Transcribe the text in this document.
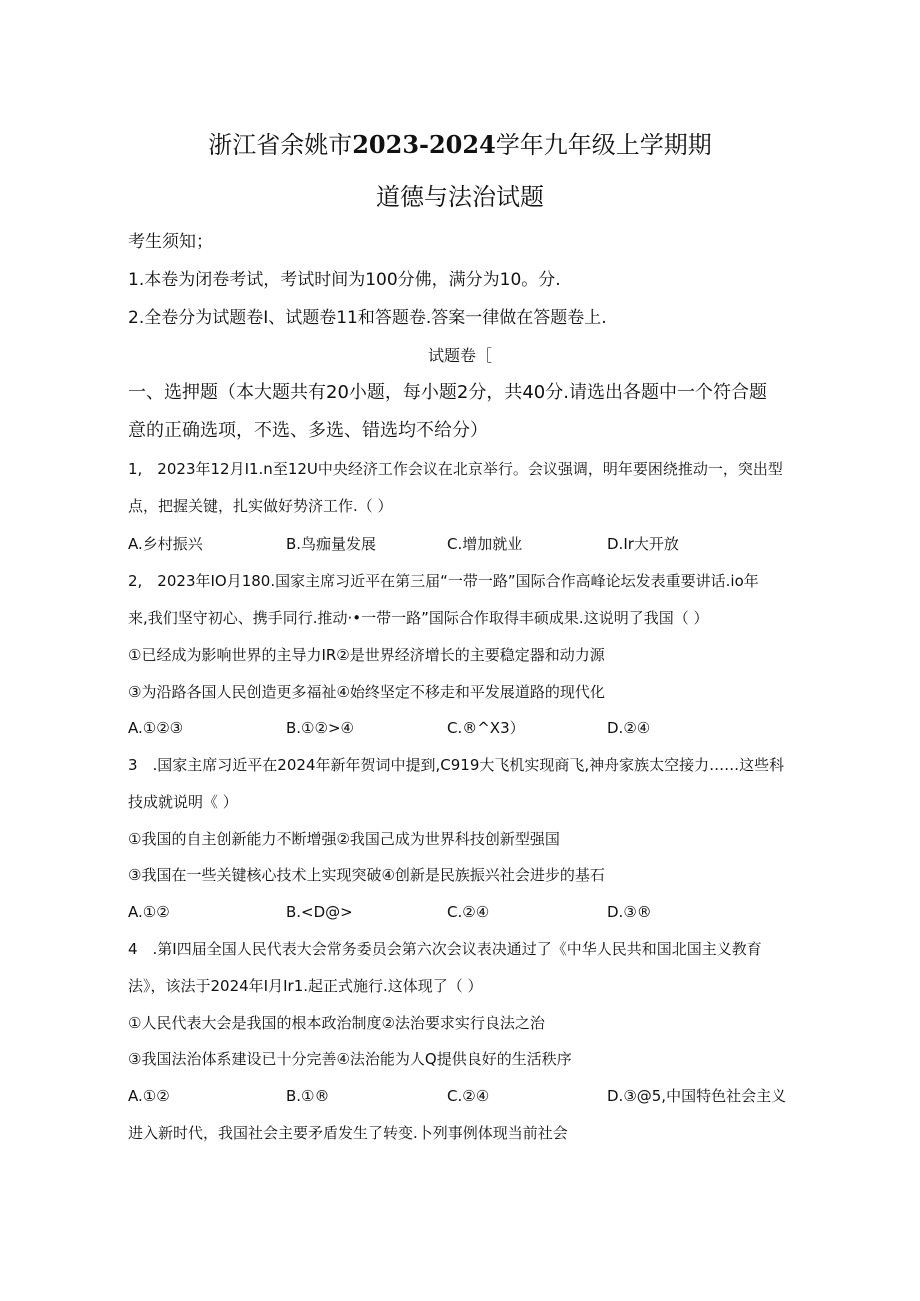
浙江省余姚市2023-2024学年九年级上学期期
道德与法治试题
考生须知；
1.本卷为闭卷考试，考试时间为100分佛，满分为10。分.
2.全卷分为试题卷I、试题卷11和答题卷.答案一律做在答题卷上.
试题卷［
一、选押题（本大题共有20小题，每小题2分，共40分.请选出各题中一个符合题
意的正确选项，不选、多选、错选均不给分）
1,　2023年12月I1.n至12U中央经济工作会议在北京举行。会议强调，明年要困绕推动一，突出型
点，把握关键，扎实做好势济工作.（ ）
A.乡村振兴	B.鸟痂量发展	C.增加就业	D.Ir大开放
2,　2023年IO月180.国家主席习近平在第三届“一带一路”国际合作高峰论坛发表重要讲话.io年
来,我们坚守初心、携手同行.推动·•一带一路”国际合作取得丰硕成果.这说明了我国（ ）
①已经成为影响世界的主导力IR②是世界经济增长的主要稳定器和动力源
③为沿路各国人民创造更多福祉④始终坚定不移走和平发展道路的现代化
A.①②③	B.①②>④	C.®^X3）	D.②④
3　.国家主席习近平在2024年新年贺词中提到,C919大飞机实现商飞,神舟家族太空接力……这些科
技成就说明《 ）
①我国的自主创新能力不断增强②我国己成为世界科技创新型强国
③我国在一些关键核心技术上实现突破④创新是民族振兴社会进步的基石
A.①②	B.<D@>	C.②④	D.③®
4　.第I四届全国人民代表大会常务委员会第六次会议表决通过了《中华人民共和国北国主义教育
法》，该法于2024年I月Ir1.起正式施行.这体现了（ ）
①人民代表大会是我国的根本政治制度②法治要求实行良法之治
③我国法治体系建设已十分完善④法治能为人Q提供良好的生活秩序
A.①②	B.①®	C.②④	D.③@5,中国特色社会主义
进入新时代，我国社会主要矛盾发生了转变.卜列事例体现当前社会
